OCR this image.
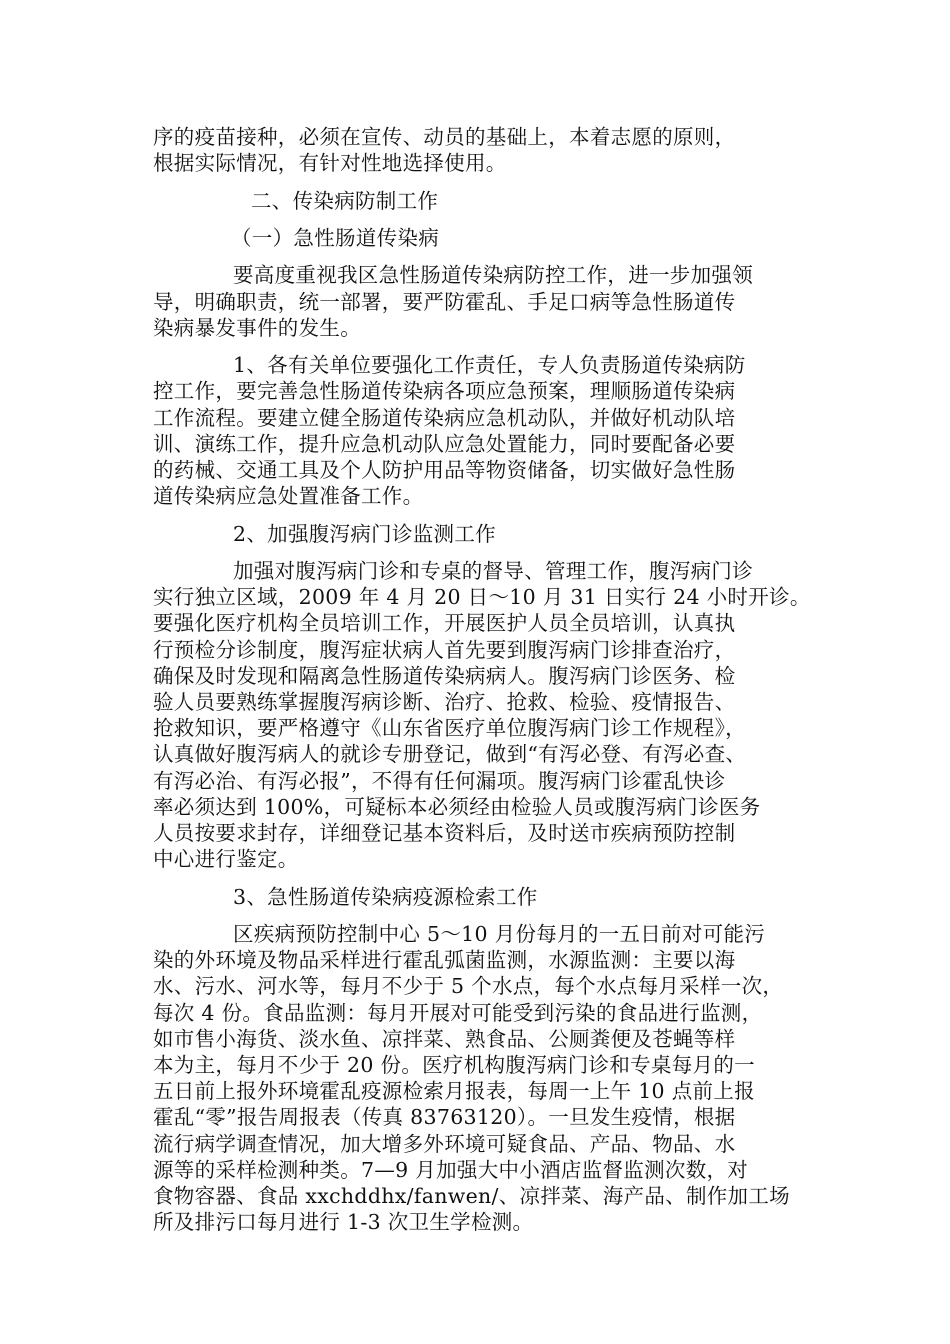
序的疫苗接种，必须在宣传、动员的基础上，本着志愿的原则，
根据实际情况，有针对性地选择使用。

二、传染病防制工作

（一）急性肠道传染病

要高度重视我区急性肠道传染病防控工作，进一步加强领
导，明确职责，统一部署，要严防霍乱、手足口病等急性肠道传
染病暴发事件的发生。

1、各有关单位要强化工作责任，专人负责肠道传染病防
控工作，要完善急性肠道传染病各项应急预案，理顺肠道传染病
工作流程。要建立健全肠道传染病应急机动队，并做好机动队培
训、演练工作，提升应急机动队应急处置能力，同时要配备必要
的药械、交通工具及个人防护用品等物资储备，切实做好急性肠
道传染病应急处置准备工作。

2、加强腹泻病门诊监测工作

加强对腹泻病门诊和专桌的督导、管理工作，腹泻病门诊
实行独立区域，2009 年 4 月 20 日～10 月 31 日实行 24 小时开诊。
要强化医疗机构全员培训工作，开展医护人员全员培训，认真执
行预检分诊制度，腹泻症状病人首先要到腹泻病门诊排查治疗，
确保及时发现和隔离急性肠道传染病病人。腹泻病门诊医务、检
验人员要熟练掌握腹泻病诊断、治疗、抢救、检验、疫情报告、
抢救知识，要严格遵守《山东省医疗单位腹泻病门诊工作规程》，
认真做好腹泻病人的就诊专册登记，做到“有泻必登、有泻必查、
有泻必治、有泻必报”，不得有任何漏项。腹泻病门诊霍乱快诊
率必须达到 100%，可疑标本必须经由检验人员或腹泻病门诊医务
人员按要求封存，详细登记基本资料后，及时送市疾病预防控制
中心进行鉴定。

3、急性肠道传染病疫源检索工作

区疾病预防控制中心 5～10 月份每月的一五日前对可能污
染的外环境及物品采样进行霍乱弧菌监测，水源监测：主要以海
水、污水、河水等，每月不少于 5 个水点，每个水点每月采样一次，
每次 4 份。食品监测：每月开展对可能受到污染的食品进行监测，
如市售小海货、淡水鱼、凉拌菜、熟食品、公厕粪便及苍蝇等样
本为主，每月不少于 20 份。医疗机构腹泻病门诊和专桌每月的一
五日前上报外环境霍乱疫源检索月报表，每周一上午 10 点前上报
霍乱“零”报告周报表（传真 83763120）。一旦发生疫情，根据
流行病学调查情况，加大增多外环境可疑食品、产品、物品、水
源等的采样检测种类。7—9 月加强大中小酒店监督监测次数，对
食物容器、食品 xxchddhx/fanwen/、凉拌菜、海产品、制作加工场
所及排污口每月进行 1-3 次卫生学检测。
